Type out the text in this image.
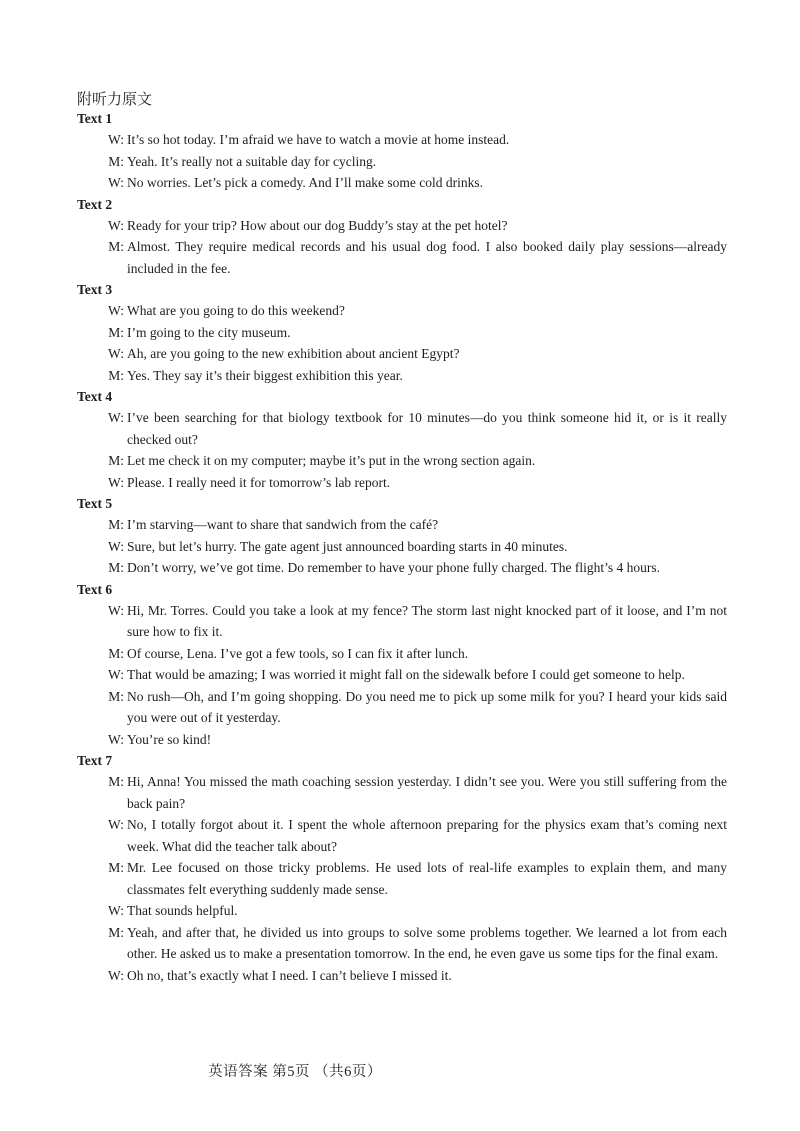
附听力原文
Text 1
W: It’s so hot today. I’m afraid we have to watch a movie at home instead.
M: Yeah. It’s really not a suitable day for cycling.
W: No worries. Let’s pick a comedy. And I’ll make some cold drinks.
Text 2
W: Ready for your trip? How about our dog Buddy’s stay at the pet hotel?
M: Almost. They require medical records and his usual dog food. I also booked daily play sessions—already included in the fee.
Text 3
W: What are you going to do this weekend?
M: I’m going to the city museum.
W: Ah, are you going to the new exhibition about ancient Egypt?
M: Yes. They say it’s their biggest exhibition this year.
Text 4
W: I’ve been searching for that biology textbook for 10 minutes—do you think someone hid it, or is it really checked out?
M: Let me check it on my computer; maybe it’s put in the wrong section again.
W: Please. I really need it for tomorrow’s lab report.
Text 5
M: I’m starving—want to share that sandwich from the café?
W: Sure, but let’s hurry. The gate agent just announced boarding starts in 40 minutes.
M: Don’t worry, we’ve got time. Do remember to have your phone fully charged. The flight’s 4 hours.
Text 6
W: Hi, Mr. Torres. Could you take a look at my fence? The storm last night knocked part of it loose, and I’m not sure how to fix it.
M: Of course, Lena. I’ve got a few tools, so I can fix it after lunch.
W: That would be amazing; I was worried it might fall on the sidewalk before I could get someone to help.
M: No rush—Oh, and I’m going shopping. Do you need me to pick up some milk for you? I heard your kids said you were out of it yesterday.
W: You’re so kind!
Text 7
M: Hi, Anna! You missed the math coaching session yesterday. I didn’t see you. Were you still suffering from the back pain?
W: No, I totally forgot about it. I spent the whole afternoon preparing for the physics exam that’s coming next week. What did the teacher talk about?
M: Mr. Lee focused on those tricky problems. He used lots of real-life examples to explain them, and many classmates felt everything suddenly made sense.
W: That sounds helpful.
M: Yeah, and after that, he divided us into groups to solve some problems together. We learned a lot from each other. He asked us to make a presentation tomorrow. In the end, he even gave us some tips for the final exam.
W: Oh no, that’s exactly what I need. I can’t believe I missed it.
英语答案 第5页 （共6页）
